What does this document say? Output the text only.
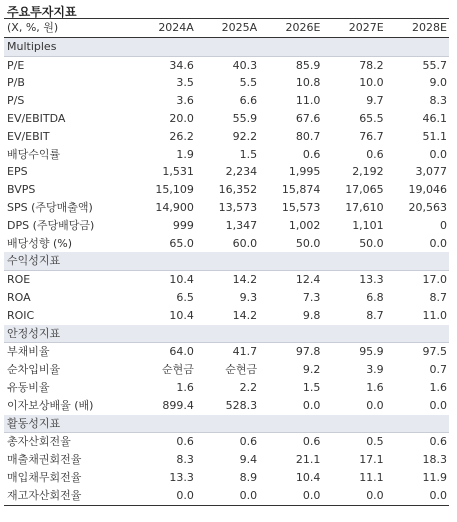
주요투자지표
(X, %, 원)	2024A	2025A	2026E	2027E	2028E
Multiples					
P/E	34.6	40.3	85.9	78.2	55.7
P/B	3.5	5.5	10.8	10.0	9.0
P/S	3.6	6.6	11.0	9.7	8.3
EV/EBITDA	20.0	55.9	67.6	65.5	46.1
EV/EBIT	26.2	92.2	80.7	76.7	51.1
배당수익률	1.9	1.5	0.6	0.6	0.0
EPS	1,531	2,234	1,995	2,192	3,077
BVPS	15,109	16,352	15,874	17,065	19,046
SPS (주당매출액)	14,900	13,573	15,573	17,610	20,563
DPS (주당배당금)	999	1,347	1,002	1,101	0
배당성향 (%)	65.0	60.0	50.0	50.0	0.0
수익성지표					
ROE	10.4	14.2	12.4	13.3	17.0
ROA	6.5	9.3	7.3	6.8	8.7
ROIC	10.4	14.2	9.8	8.7	11.0
안정성지표					
부채비율	64.0	41.7	97.8	95.9	97.5
순차입비율	순현금	순현금	9.2	3.9	0.7
유동비율	1.6	2.2	1.5	1.6	1.6
이자보상배율 (배)	899.4	528.3	0.0	0.0	0.0
활동성지표					
총자산회전율	0.6	0.6	0.6	0.5	0.6
매출채권회전율	8.3	9.4	21.1	17.1	18.3
매입채무회전율	13.3	8.9	10.4	11.1	11.9
재고자산회전율	0.0	0.0	0.0	0.0	0.0
